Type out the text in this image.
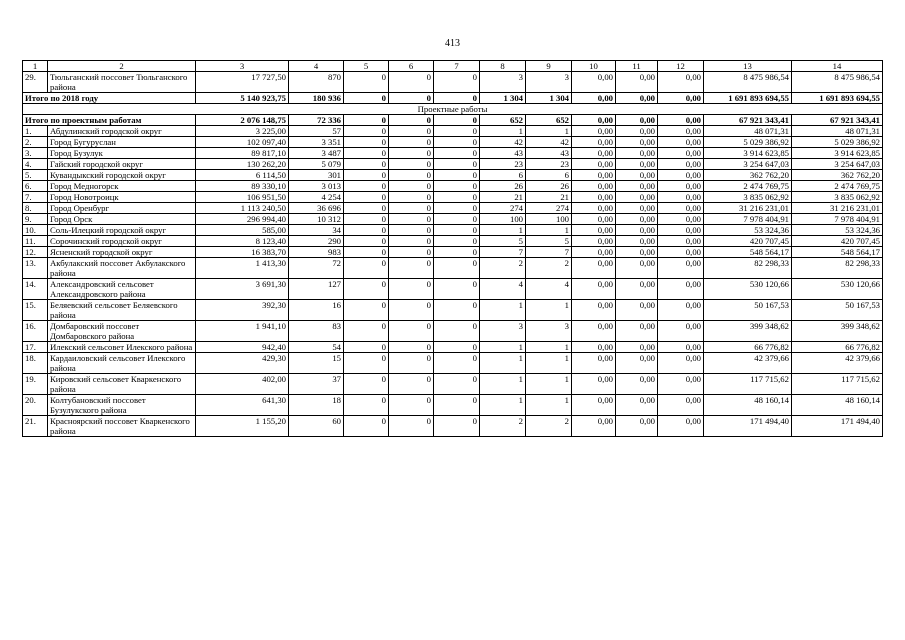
413
1	2	3	4	5	6	7	8	9	10	11	12	13	14
29.	Тюльганский поссовет Тюльганского района	17 727,50	870	0	0	0	3	3	0,00	0,00	0,00	8 475 986,54	8 475 986,54
Итого по 2018 году		5 140 923,75	180 936	0	0	0	1 304	1 304	0,00	0,00	0,00	1 691 893 694,55	1 691 893 694,55
Проектные работы													
Итого по проектным работам		2 076 148,75	72 336	0	0	0	652	652	0,00	0,00	0,00	67 921 343,41	67 921 343,41
1.	Абдулинский городской округ	3 225,00	57	0	0	0	1	1	0,00	0,00	0,00	48 071,31	48 071,31
2.	Город Бугуруслан	102 097,40	3 351	0	0	0	42	42	0,00	0,00	0,00	5 029 386,92	5 029 386,92
3.	Город Бузулук	89 817,10	3 487	0	0	0	43	43	0,00	0,00	0,00	3 914 623,85	3 914 623,85
4.	Гайский городской округ	130 262,20	5 079	0	0	0	23	23	0,00	0,00	0,00	3 254 647,03	3 254 647,03
5.	Кувандыкский городской округ	6 114,50	301	0	0	0	6	6	0,00	0,00	0,00	362 762,20	362 762,20
6.	Город Медногорск	89 330,10	3 013	0	0	0	26	26	0,00	0,00	0,00	2 474 769,75	2 474 769,75
7.	Город Новотроицк	106 951,50	4 254	0	0	0	21	21	0,00	0,00	0,00	3 835 062,92	3 835 062,92
8.	Город Оренбург	1 113 240,50	36 696	0	0	0	274	274	0,00	0,00	0,00	31 216 231,01	31 216 231,01
9.	Город Орск	296 994,40	10 312	0	0	0	100	100	0,00	0,00	0,00	7 978 404,91	7 978 404,91
10.	Соль-Илецкий городской округ	585,00	34	0	0	0	1	1	0,00	0,00	0,00	53 324,36	53 324,36
11.	Сорочинский городской округ	8 123,40	290	0	0	0	5	5	0,00	0,00	0,00	420 707,45	420 707,45
12.	Ясненский городской округ	16 383,70	983	0	0	0	7	7	0,00	0,00	0,00	548 564,17	548 564,17
13.	Акбулакский поссовет Акбулакского района	1 413,30	72	0	0	0	2	2	0,00	0,00	0,00	82 298,33	82 298,33
14.	Александровский сельсовет Александровского района	3 691,30	127	0	0	0	4	4	0,00	0,00	0,00	530 120,66	530 120,66
15.	Беляевский сельсовет Беляевского района	392,30	16	0	0	0	1	1	0,00	0,00	0,00	50 167,53	50 167,53
16.	Домбаровский поссовет Домбаровского района	1 941,10	83	0	0	0	3	3	0,00	0,00	0,00	399 348,62	399 348,62
17.	Илекский сельсовет Илекского района	942,40	54	0	0	0	1	1	0,00	0,00	0,00	66 776,82	66 776,82
18.	Кардаиловский сельсовет Илекского района	429,30	15	0	0	0	1	1	0,00	0,00	0,00	42 379,66	42 379,66
19.	Кировский сельсовет Кваркенского района	402,00	37	0	0	0	1	1	0,00	0,00	0,00	117 715,62	117 715,62
20.	Колтубановский поссовет Бузулукского района	641,30	18	0	0	0	1	1	0,00	0,00	0,00	48 160,14	48 160,14
21.	Красноярский поссовет Кваркенского района	1 155,20	60	0	0	0	2	2	0,00	0,00	0,00	171 494,40	171 494,40
